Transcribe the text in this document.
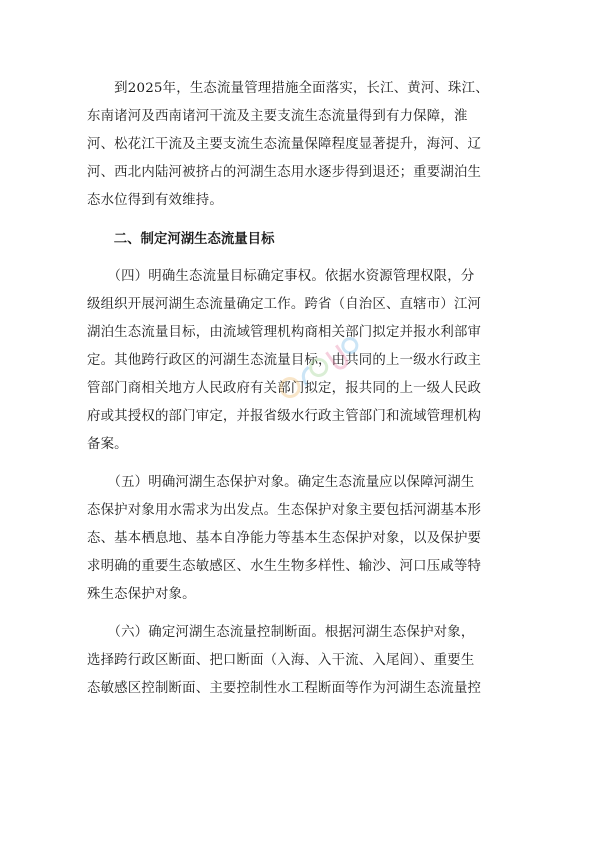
　　到2025年，生态流量管理措施全面落实，长江、黄河、珠江、
东南诸河及西南诸河干流及主要支流生态流量得到有力保障，淮
河、松花江干流及主要支流生态流量保障程度显著提升，海河、辽
河、西北内陆河被挤占的河湖生态用水逐步得到退还；重要湖泊生
态水位得到有效维持。
　　二、制定河湖生态流量目标
　　（四）明确生态流量目标确定事权。依据水资源管理权限，分
级组织开展河湖生态流量确定工作。跨省（自治区、直辖市）江河
湖泊生态流量目标，由流域管理机构商相关部门拟定并报水利部审
定。其他跨行政区的河湖生态流量目标，由共同的上一级水行政主
管部门商相关地方人民政府有关部门拟定，报共同的上一级人民政
府或其授权的部门审定，并报省级水行政主管部门和流域管理机构
备案。
　　（五）明确河湖生态保护对象。确定生态流量应以保障河湖生
态保护对象用水需求为出发点。生态保护对象主要包括河湖基本形
态、基本栖息地、基本自净能力等基本生态保护对象，以及保护要
求明确的重要生态敏感区、水生生物多样性、输沙、河口压咸等特
殊生态保护对象。
　　（六）确定河湖生态流量控制断面。根据河湖生态保护对象，
选择跨行政区断面、把口断面（入海、入干流、入尾闾）、重要生
态敏感区控制断面、主要控制性水工程断面等作为河湖生态流量控
